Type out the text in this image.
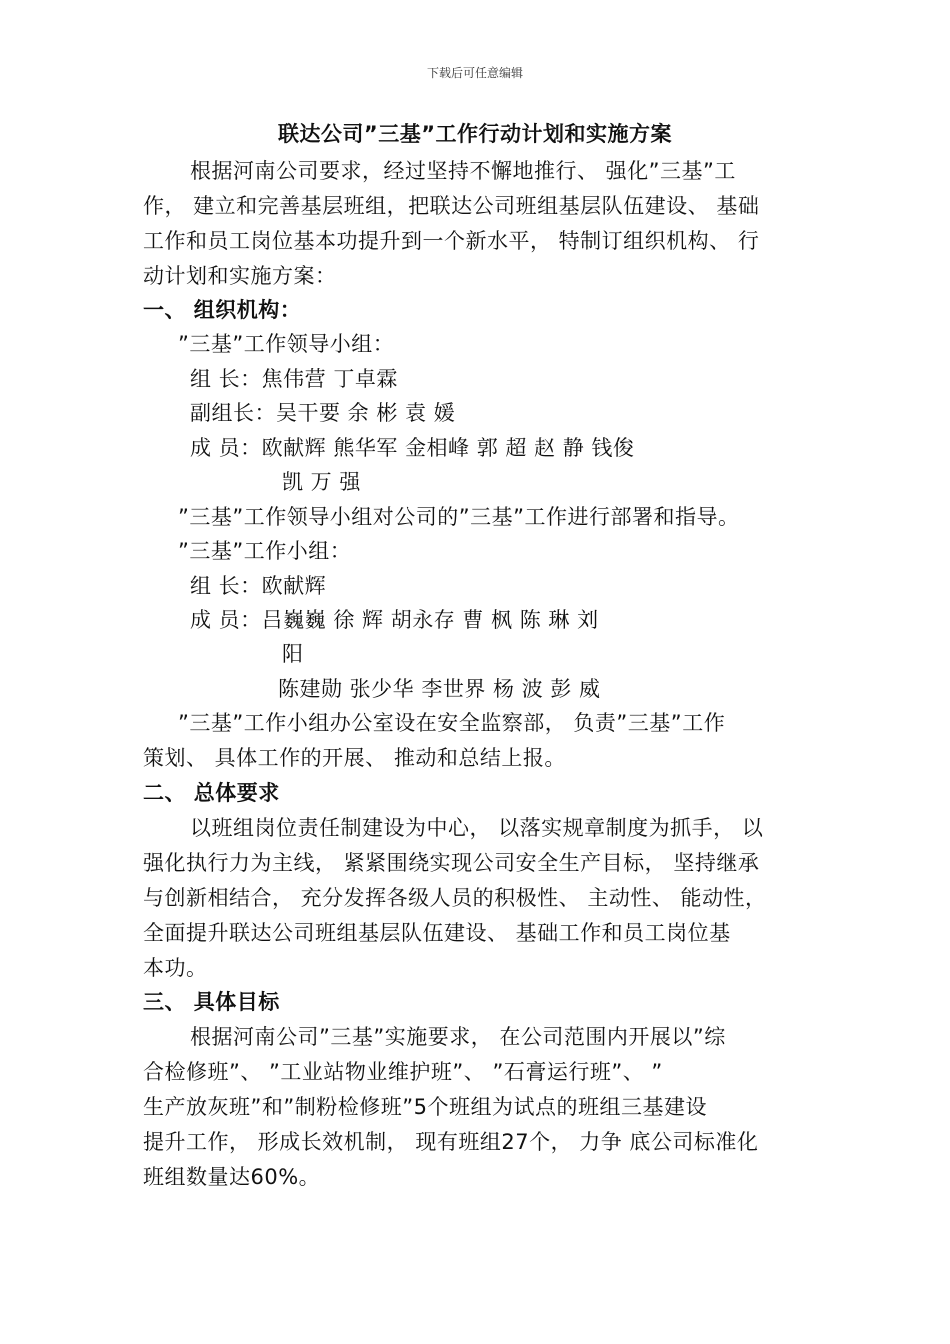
下载后可任意编辑
联达公司”三基”工作行动计划和实施方案
根据河南公司要求，经过坚持不懈地推行、 强化”三基”工
作， 建立和完善基层班组，把联达公司班组基层队伍建设、 基础
工作和员工岗位基本功提升到一个新水平， 特制订组织机构、 行
动计划和实施方案：
一、 组织机构：
”三基”工作领导小组：
组 长：焦伟营 丁卓霖
副组长：吴干要 余 彬 袁 媛
成 员：欧献辉 熊华军 金相峰 郭 超 赵 静 钱俊
凯 万 强
”三基”工作领导小组对公司的”三基”工作进行部署和指导。
”三基”工作小组：
组 长：欧献辉
成 员：吕巍巍 徐 辉 胡永存 曹 枫 陈 琳 刘
阳
陈建勋 张少华 李世界 杨 波 彭 威
”三基”工作小组办公室设在安全监察部， 负责”三基”工作
策划、 具体工作的开展、 推动和总结上报。
二、 总体要求
以班组岗位责任制建设为中心， 以落实规章制度为抓手， 以
强化执行力为主线， 紧紧围绕实现公司安全生产目标， 坚持继承
与创新相结合， 充分发挥各级人员的积极性、 主动性、 能动性，
全面提升联达公司班组基层队伍建设、 基础工作和员工岗位基
本功。
三、 具体目标
根据河南公司”三基”实施要求， 在公司范围内开展以”综
合检修班”、 ”工业站物业维护班”、 ”石膏运行班”、 ”
生产放灰班”和”制粉检修班”5个班组为试点的班组三基建设
提升工作， 形成长效机制， 现有班组27个， 力争 底公司标准化
班组数量达60%。
